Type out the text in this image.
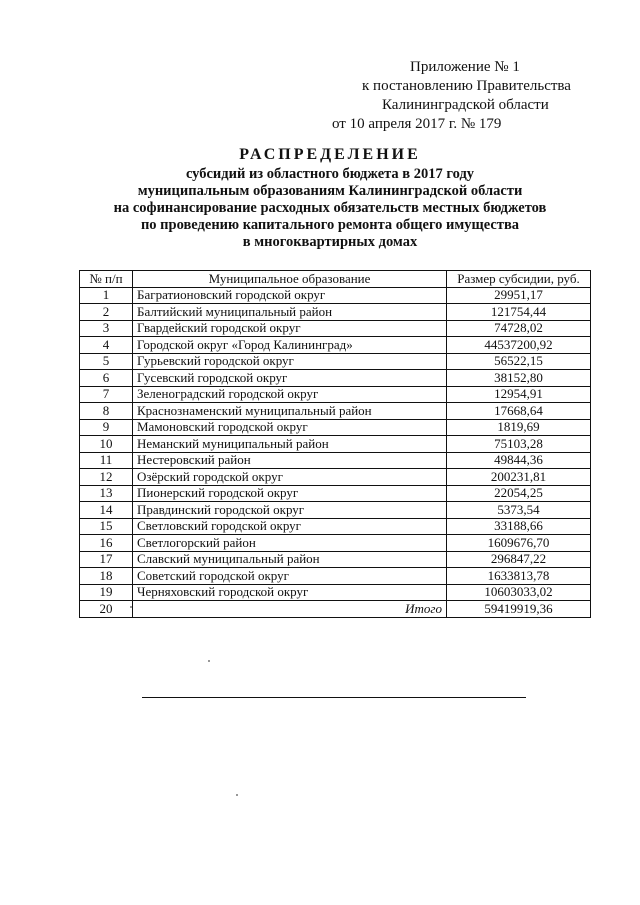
Приложение № 1
к постановлению Правительства
Калининградской области
от 10 апреля 2017 г. № 179
РАСПРЕДЕЛЕНИЕ
субсидий из областного бюджета в 2017 году
муниципальным образованиям Калининградской области
на софинансирование расходных обязательств местных бюджетов
по проведению капитального ремонта общего имущества
в многоквартирных домах
№ п/п	Муниципальное образование	Размер субсидии, руб.
1	Багратионовский городской округ	29951,17
2	Балтийский муниципальный район	121754,44
3	Гвардейский городской округ	74728,02
4	Городской округ «Город Калининград»	44537200,92
5	Гурьевский городской округ	56522,15
6	Гусевский городской округ	38152,80
7	Зеленоградский городской округ	12954,91
8	Краснознаменский муниципальный район	17668,64
9	Мамоновский городской округ	1819,69
10	Неманский муниципальный район	75103,28
11	Нестеровский район	49844,36
12	Озёрский городской округ	200231,81
13	Пионерский городской округ	22054,25
14	Правдинский городской округ	5373,54
15	Светловский городской округ	33188,66
16	Светлогорский район	1609676,70
17	Славский муниципальный район	296847,22
18	Советский городской округ	1633813,78
19	Черняховский городской округ	10603033,02
20	Итого	59419919,36
